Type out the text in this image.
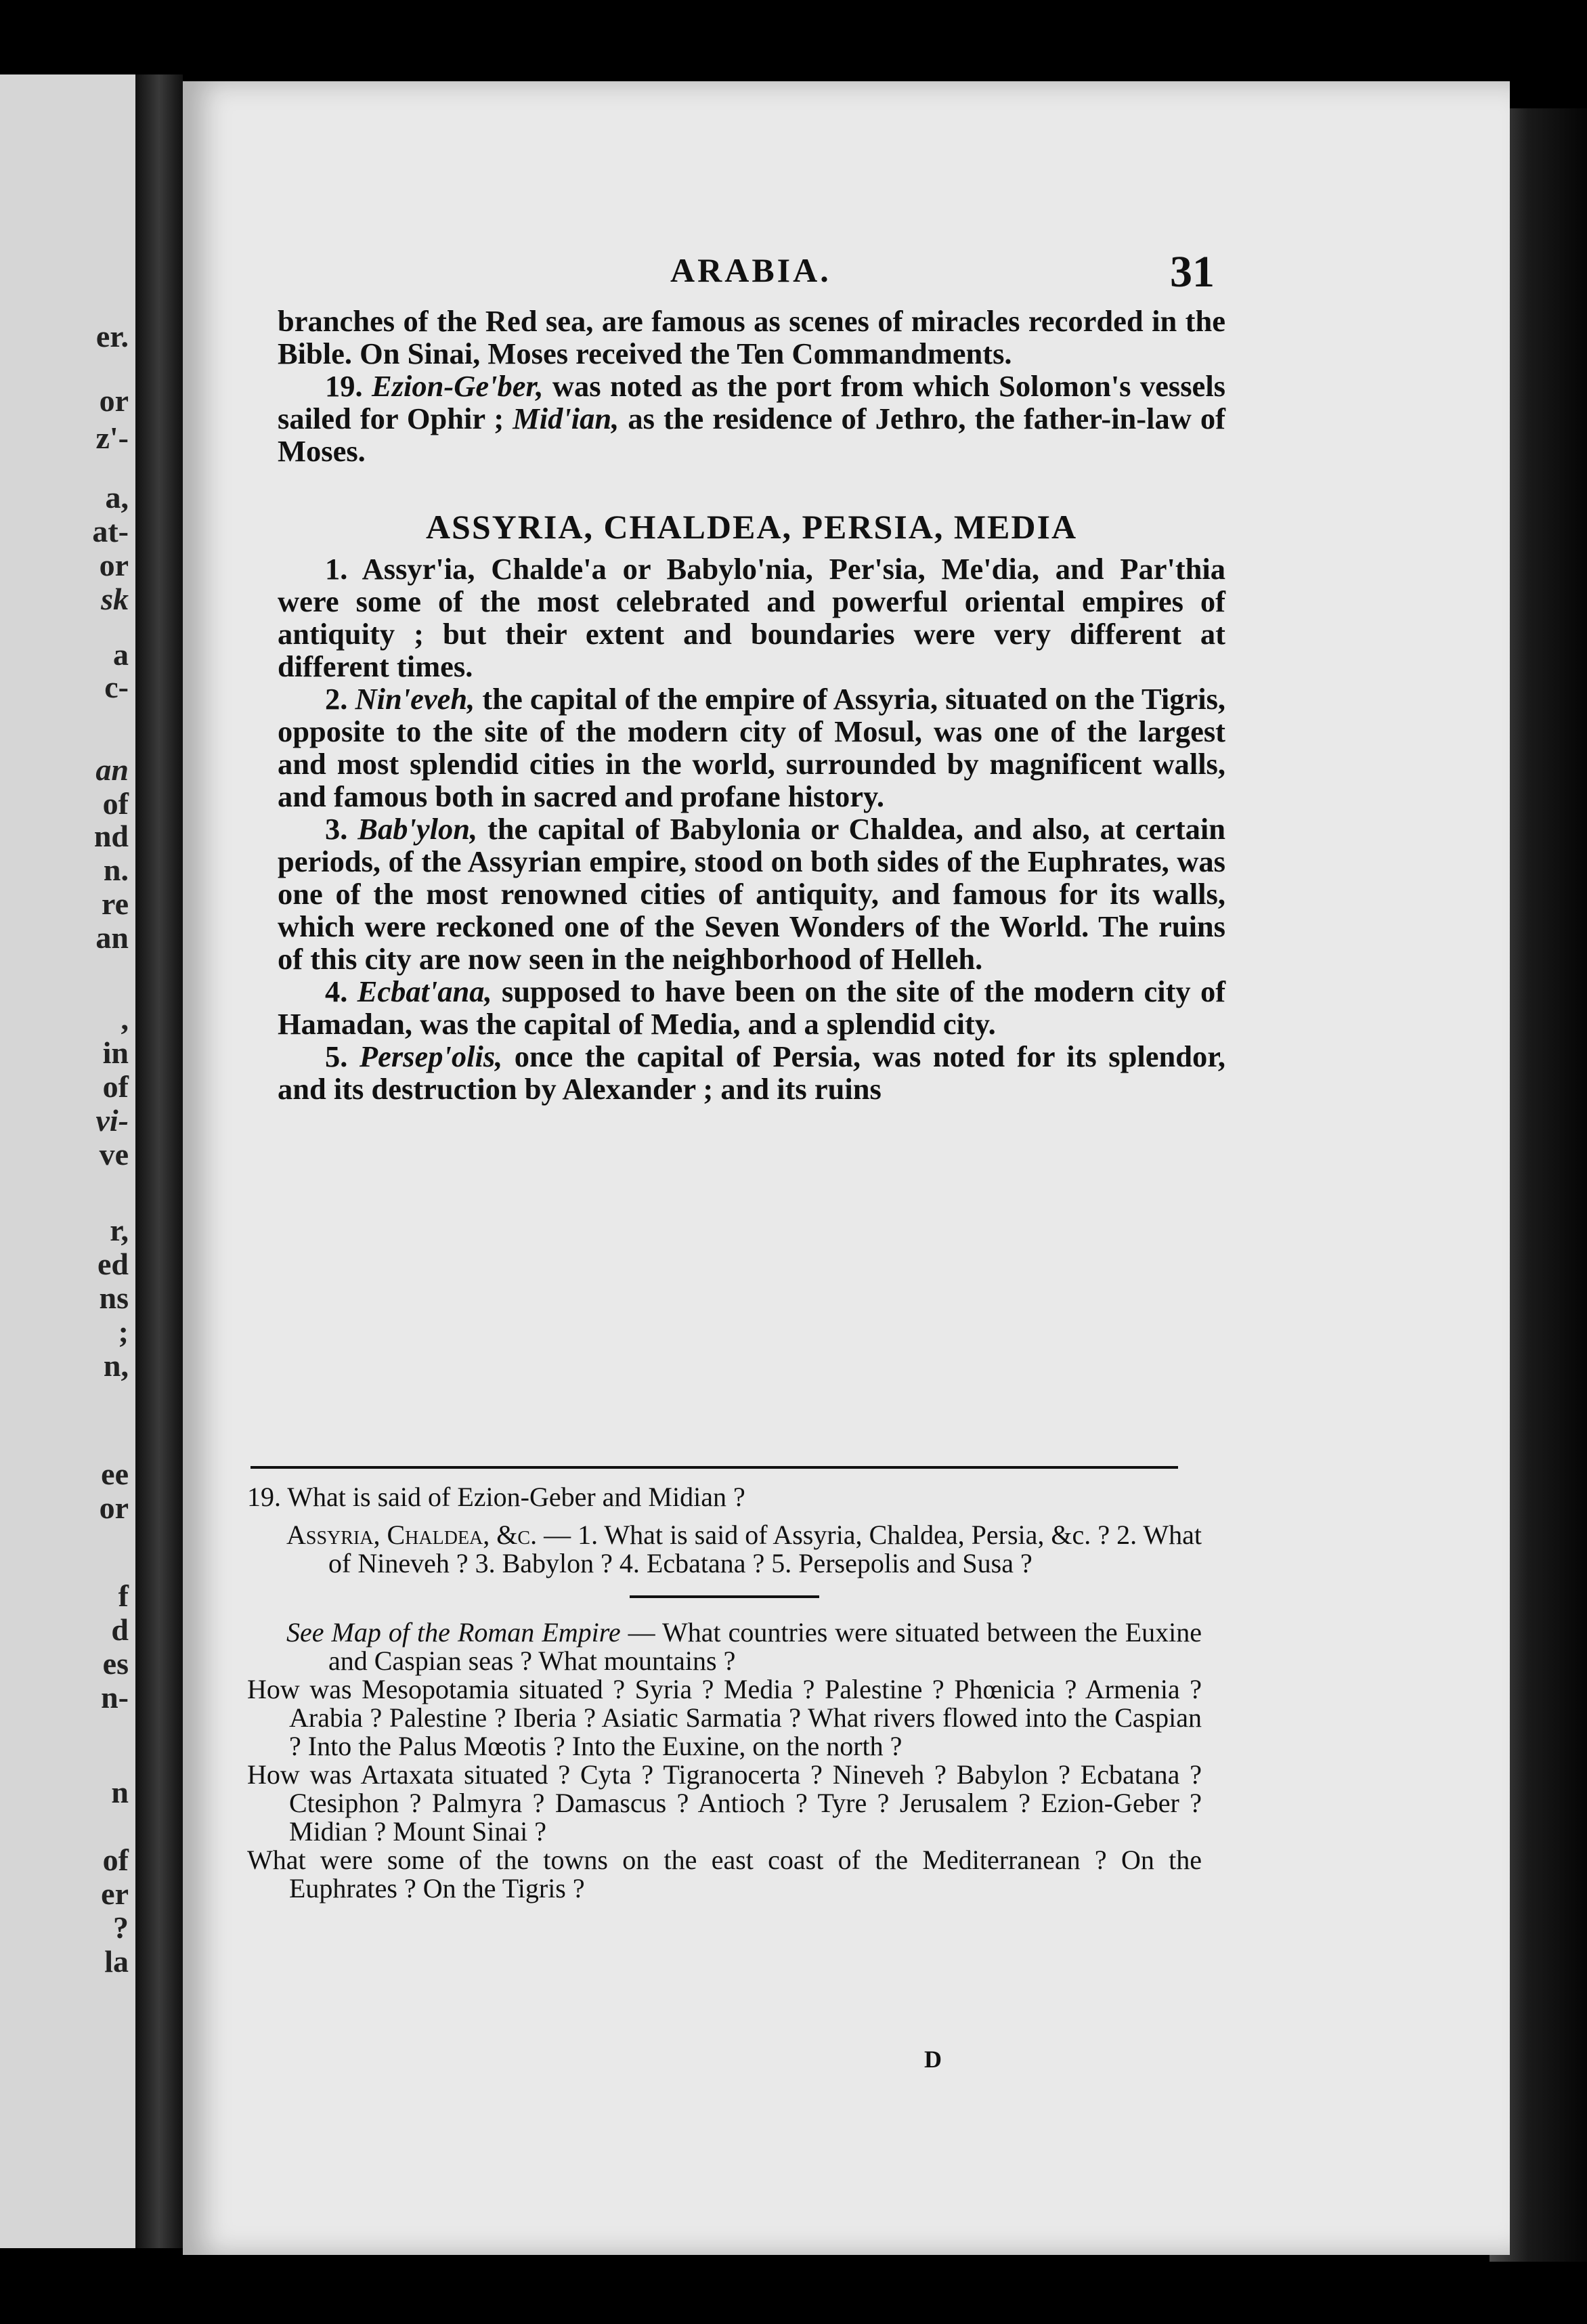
er.
or
z'-
a,
at-
or
sk
a
c-
an
of
nd
n.
re
an
,
in
of
vi-
ve
r,
ed
ns
;
n,
ee
or
f
d
es
n-
n
of
er
?
la
ARABIA.	31

branches of the Red sea, are famous as scenes of miracles recorded in the Bible. On Sinai, Moses received the Ten Commandments.

19. Ezion-Ge'ber, was noted as the port from which Solomon's vessels sailed for Ophir ; Mid'ian, as the residence of Jethro, the father-in-law of Moses.

ASSYRIA, CHALDEA, PERSIA, MEDIA

1. Assyr'ia, Chalde'a or Babylo'nia, Per'sia, Me'dia, and Par'thia were some of the most celebrated and powerful oriental empires of antiquity ; but their extent and boundaries were very different at different times.

2. Nin'eveh, the capital of the empire of Assyria, situated on the Tigris, opposite to the site of the modern city of Mosul, was one of the largest and most splendid cities in the world, surrounded by magnificent walls, and famous both in sacred and profane history.

3. Bab'ylon, the capital of Babylonia or Chaldea, and also, at certain periods, of the Assyrian empire, stood on both sides of the Euphrates, was one of the most renowned cities of antiquity, and famous for its walls, which were reckoned one of the Seven Wonders of the World. The ruins of this city are now seen in the neighborhood of Helleh.

4. Ecbat'ana, supposed to have been on the site of the modern city of Hamadan, was the capital of Media, and a splendid city.

5. Persep'olis, once the capital of Persia, was noted for its splendor, and its destruction by Alexander ; and its ruins

19. What is said of Ezion-Geber and Midian ?

Assyria, Chaldea, &c. — 1. What is said of Assyria, Chaldea, Persia, &c. ? 2. What of Nineveh ? 3. Babylon ? 4. Ecbatana ? 5. Persepolis and Susa ?

See Map of the Roman Empire — What countries were situated between the Euxine and Caspian seas ? What mountains ?

How was Mesopotamia situated ? Syria ? Media ? Palestine ? Phœnicia ? Armenia ? Arabia ? Palestine ? Iberia ? Asiatic Sarmatia ? What rivers flowed into the Caspian ? Into the Palus Mœotis ? Into the Euxine, on the north ?

How was Artaxata situated ? Cyta ? Tigranocerta ? Nineveh ? Babylon ? Ecbatana ? Ctesiphon ? Palmyra ? Damascus ? Antioch ? Tyre ? Jerusalem ? Ezion-Geber ? Midian ? Mount Sinai ?

What were some of the towns on the east coast of the Mediterranean ? On the Euphrates ? On the Tigris ?

D
